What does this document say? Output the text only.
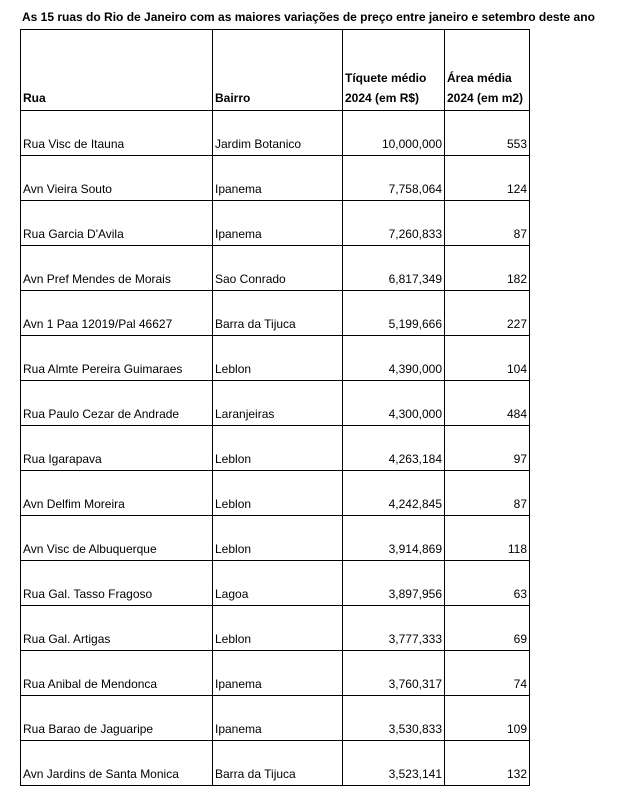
As 15 ruas do Rio de Janeiro com as maiores variações de preço entre janeiro e setembro deste ano
Rua	Bairro	Tíquete médio 2024 (em R$)	Área média 2024 (em m2)
Rua Visc de Itauna	Jardim Botanico	10,000,000	553
Avn Vieira Souto	Ipanema	7,758,064	124
Rua Garcia D'Avila	Ipanema	7,260,833	87
Avn Pref Mendes de Morais	Sao Conrado	6,817,349	182
Avn 1 Paa 12019/Pal 46627	Barra da Tijuca	5,199,666	227
Rua Almte Pereira Guimaraes	Leblon	4,390,000	104
Rua Paulo Cezar de Andrade	Laranjeiras	4,300,000	484
Rua Igarapava	Leblon	4,263,184	97
Avn Delfim Moreira	Leblon	4,242,845	87
Avn Visc de Albuquerque	Leblon	3,914,869	118
Rua Gal. Tasso Fragoso	Lagoa	3,897,956	63
Rua Gal. Artigas	Leblon	3,777,333	69
Rua Anibal de Mendonca	Ipanema	3,760,317	74
Rua Barao de Jaguaripe	Ipanema	3,530,833	109
Avn Jardins de Santa Monica	Barra da Tijuca	3,523,141	132
